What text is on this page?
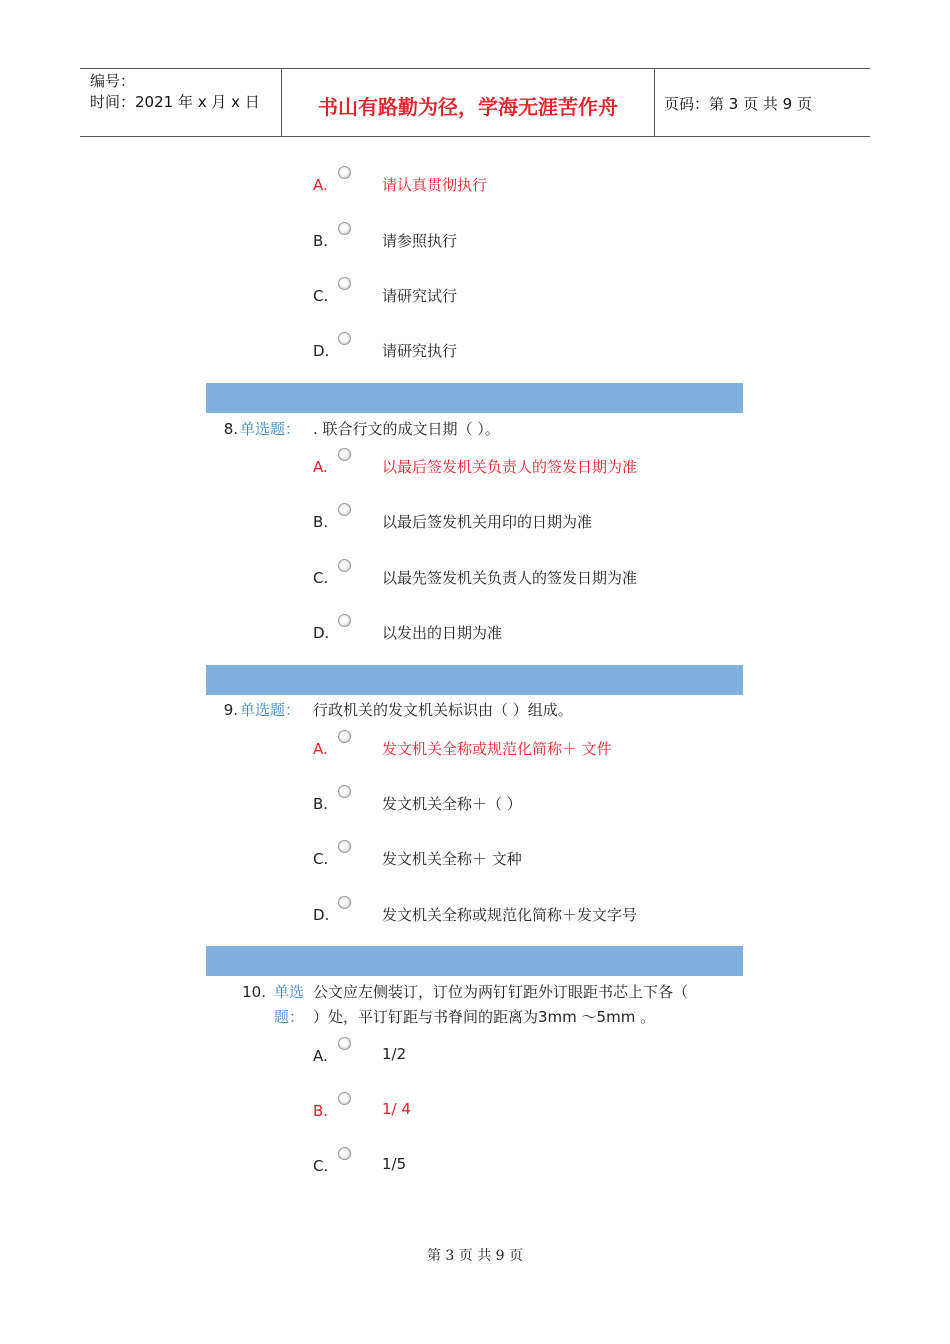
编号：
时间：2021 年 x 月 x 日	书山有路勤为径，学海无涯苦作舟	页码：第 3 页 共 9 页
A.	请认真贯彻执行
B.	请参照执行
C.	请研究试行
D.	请研究执行
8. 单选题： . 联合行文的成文日期（ ）。
A.	以最后签发机关负责人的签发日期为准
B.	以最后签发机关用印的日期为准
C.	以最先签发机关负责人的签发日期为准
D.	以发出的日期为准
9. 单选题： 行政机关的发文机关标识由（ ）组成。
A.	发文机关全称或规范化简称＋ 文件
B.	发文机关全称＋（ ）
C.	发文机关全称＋ 文种
D.	发文机关全称或规范化简称＋发文字号
10. 单选
题：
公文应左侧装订，订位为两钉钉距外订眼距书芯上下各（
）处，平订钉距与书脊间的距离为3mm ～5mm 。
A.	1/2
B.	1/ 4
C.	1/5
第 3 页 共 9 页
